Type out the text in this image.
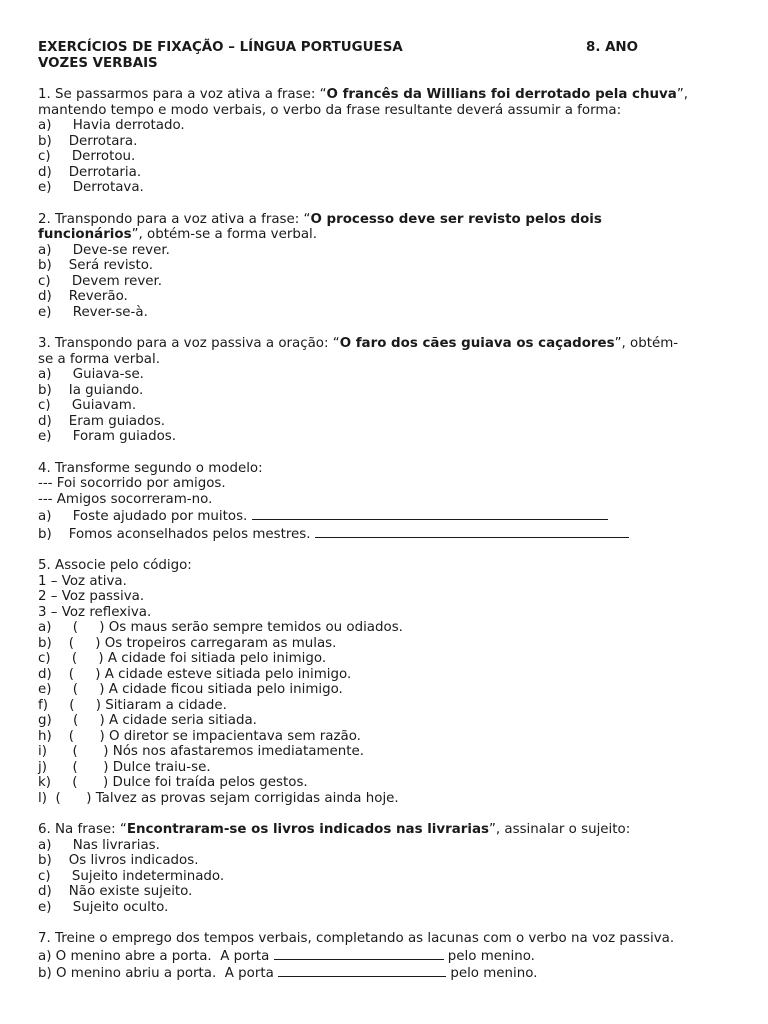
EXERCÍCIOS DE FIXAÇÃO – LÍNGUA PORTUGUESA	8. ANO
VOZES VERBAIS
1. Se passarmos para a voz ativa a frase: “O francês da Willians foi derrotado pela chuva”,
mantendo tempo e modo verbais, o verbo da frase resultante deverá assumir a forma:
a)     Havia derrotado.
b)    Derrotara.
c)     Derrotou.
d)    Derrotaria.
e)     Derrotava.
2. Transpondo para a voz ativa a frase: “O processo deve ser revisto pelos dois
funcionários”, obtém-se a forma verbal.
a)     Deve-se rever.
b)    Será revisto.
c)     Devem rever.
d)    Reverão.
e)     Rever-se-à.
3. Transpondo para a voz passiva a oração: “O faro dos cães guiava os caçadores”, obtém-
se a forma verbal.
a)     Guiava-se.
b)    Ia guiando.
c)     Guiavam.
d)    Eram guiados.
e)     Foram guiados.
4. Transforme segundo o modelo:
--- Foi socorrido por amigos.
--- Amigos socorreram-no.
a)     Foste ajudado por muitos.
b)    Fomos aconselhados pelos mestres.
5. Associe pelo código:
1 – Voz ativa.
2 – Voz passiva.
3 – Voz reflexiva.
a)     (     ) Os maus serão sempre temidos ou odiados.
b)    (     ) Os tropeiros carregaram as mulas.
c)     (     ) A cidade foi sitiada pelo inimigo.
d)    (     ) A cidade esteve sitiada pelo inimigo.
e)     (     ) A cidade ficou sitiada pelo inimigo.
f)     (     ) Sitiaram a cidade.
g)     (     ) A cidade seria sitiada.
h)    (      ) O diretor se impacientava sem razão.
i)      (      ) Nós nos afastaremos imediatamente.
j)      (      ) Dulce traiu-se.
k)     (      ) Dulce foi traída pelos gestos.
l)  (      ) Talvez as provas sejam corrigidas ainda hoje.
6. Na frase: “Encontraram-se os livros indicados nas livrarias”, assinalar o sujeito:
a)     Nas livrarias.
b)    Os livros indicados.
c)     Sujeito indeterminado.
d)    Não existe sujeito.
e)     Sujeito oculto.
7. Treine o emprego dos tempos verbais, completando as lacunas com o verbo na voz passiva.
a) O menino abre a porta.  A porta	pelo menino.
b) O menino abriu a porta.  A porta	pelo menino.
